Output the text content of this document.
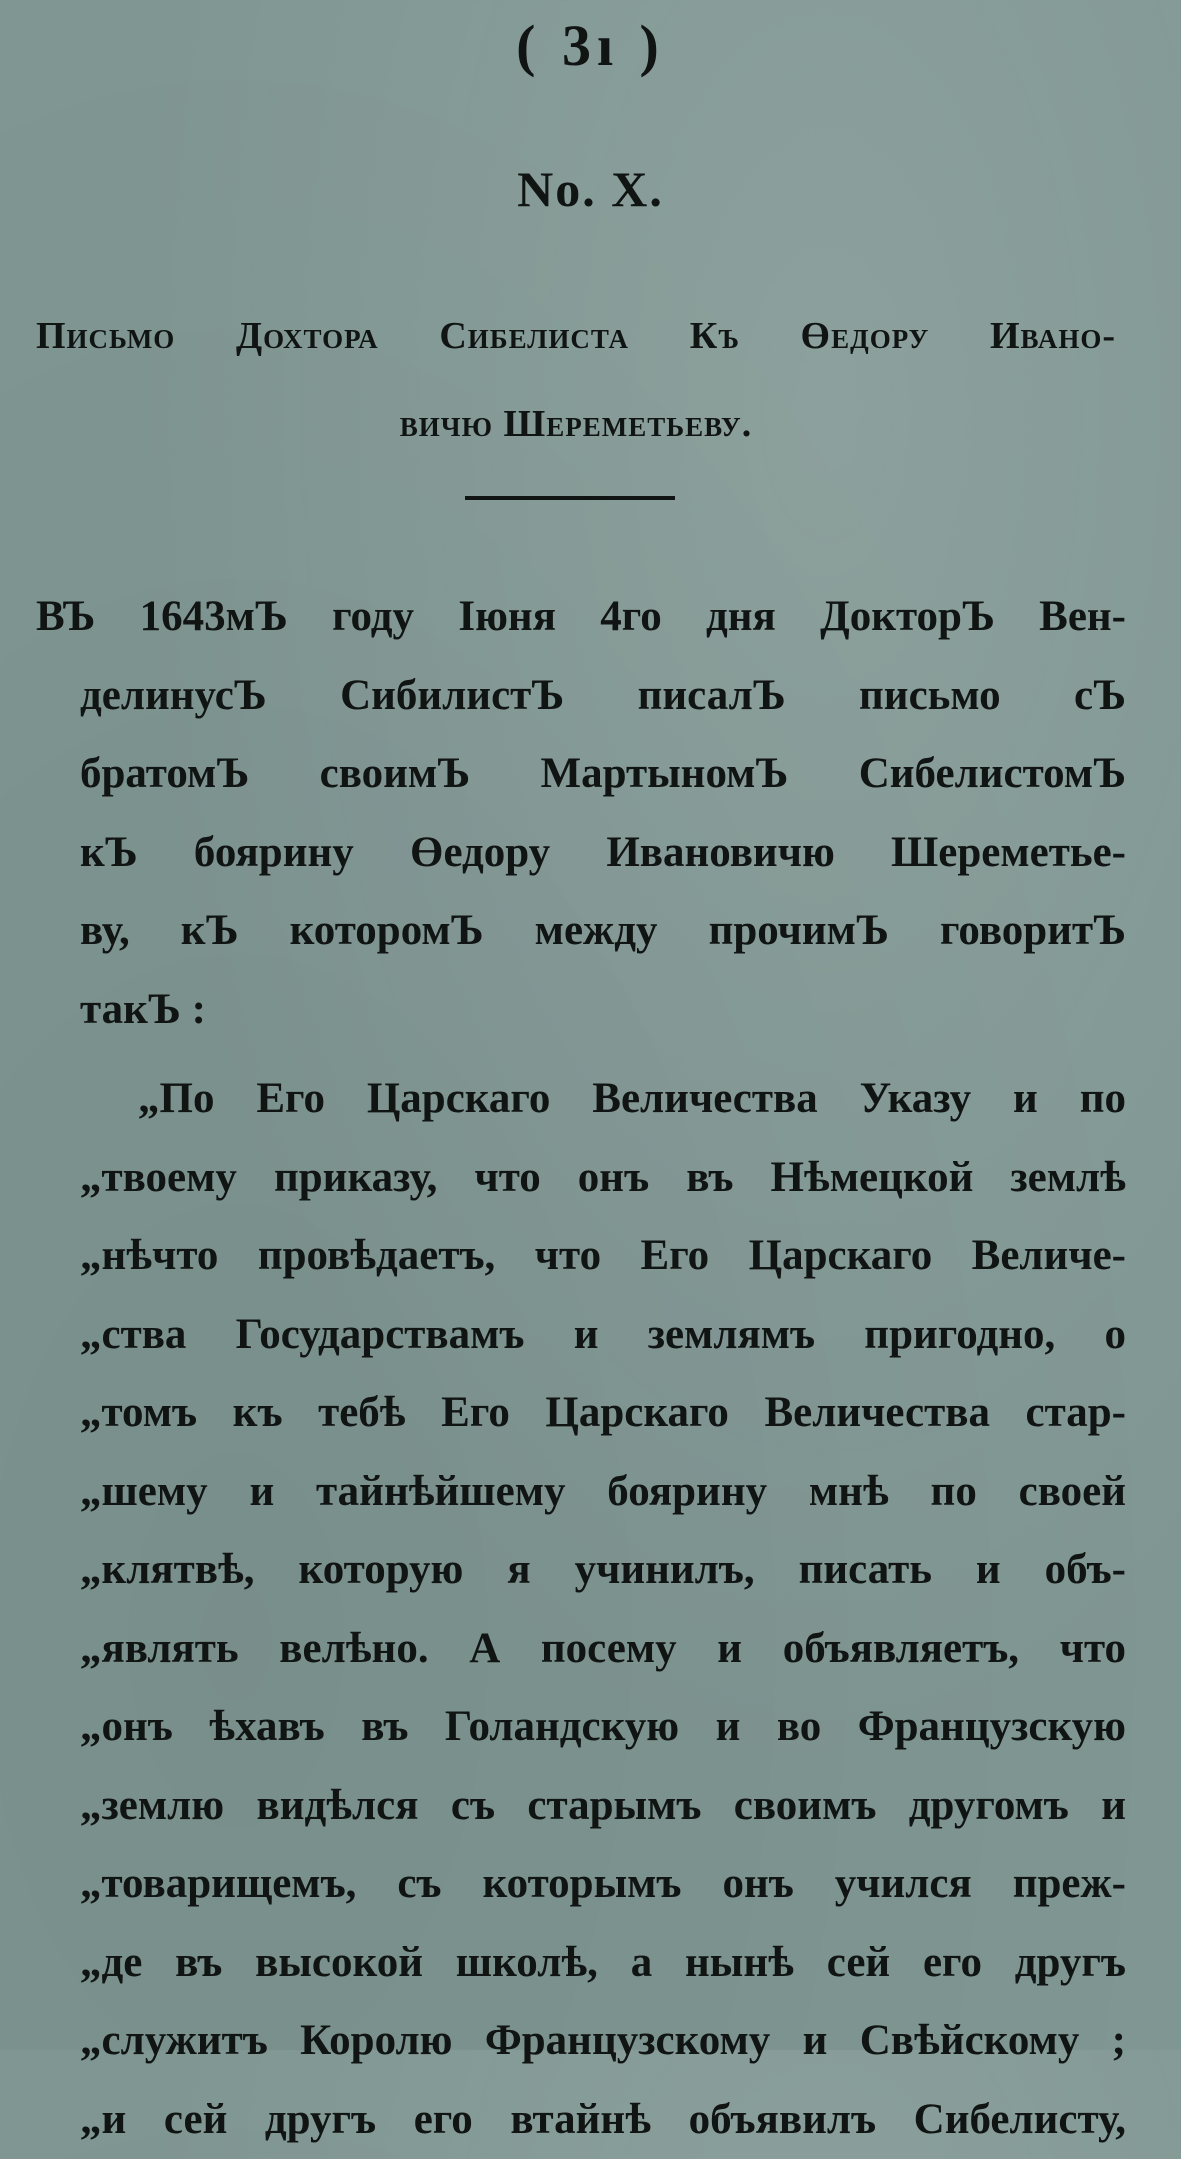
( 3ı )
No. X.
Письмо Дохтора Сибелиста Къ Өедору Ивано-
вичю Шереметьеву.
ВЪ 1643мЪ году Іюня 4го дня ДокторЪ Вен-
делинусЪ СибилистЪ писалЪ письмо сЪ
братомЪ своимЪ МартыномЪ СибелистомЪ
кЪ боярину Өедору Ивановичю Шереметье-
ву, кЪ которомЪ между прочимЪ говоритЪ
такЪ :
„По Его Царскаго Величества Указу и по
„твоему приказу, что онъ въ Нѣмецкой землѣ
„нѣчто провѣдаетъ, что Его Царскаго Величе-
„ства Государствамъ и землямъ пригодно, о
„томъ къ тебѣ Его Царскаго Величества стар-
„шему и тайнѣйшему боярину мнѣ по своей
„клятвѣ, которую я учинилъ, писать и объ-
„являть велѣно. А посему и объявляетъ, что
„онъ ѣхавъ въ Голандскую и во Французскую
„землю видѣлся съ старымъ своимъ другомъ и
„товарищемъ, съ которымъ онъ учился преж-
„де въ высокой школѣ, а нынѣ сей его другъ
„служитъ Королю Французскому и Свѣйскому ;
„и сей другъ его втайнѣ объявилъ Сибелисту,
